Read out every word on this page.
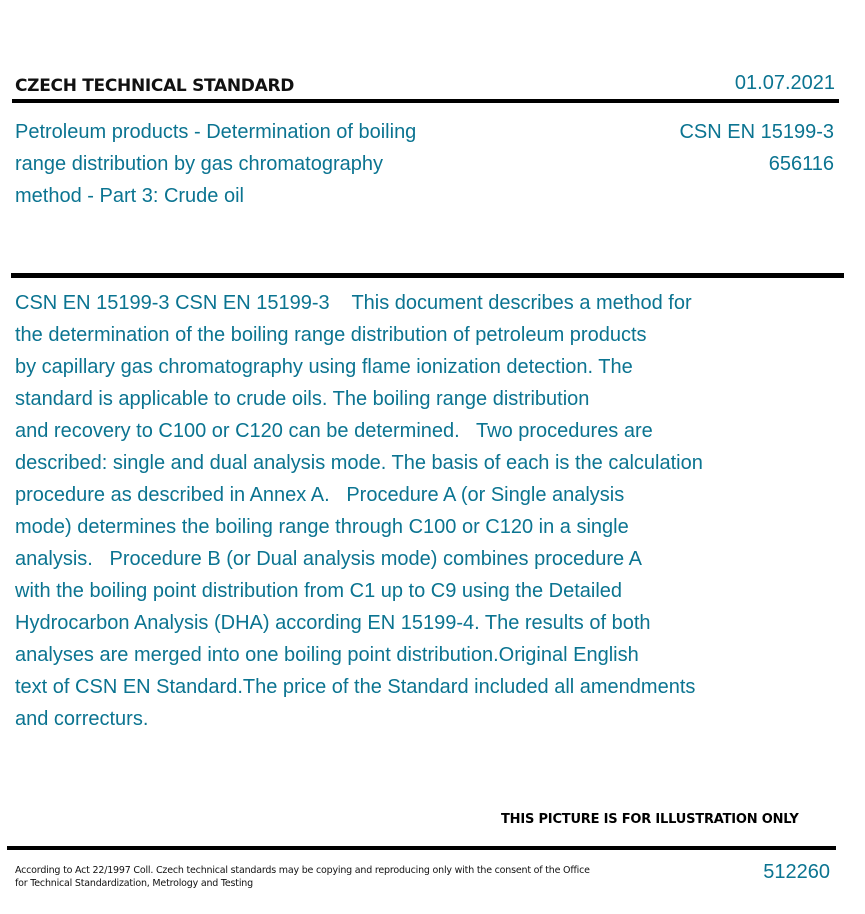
CZECH TECHNICAL STANDARD	01.07.2021
Petroleum products - Determination of boiling
range distribution by gas chromatography
method - Part 3: Crude oil
CSN EN 15199-3
656116
CSN EN 15199-3 CSN EN 15199-3    This document describes a method for
the determination of the boiling range distribution of petroleum products
by capillary gas chromatography using flame ionization detection. The
standard is applicable to crude oils. The boiling range distribution
and recovery to C100 or C120 can be determined.   Two procedures are
described: single and dual analysis mode. The basis of each is the calculation
procedure as described in Annex A.   Procedure A (or Single analysis
mode) determines the boiling range through C100 or C120 in a single
analysis.   Procedure B (or Dual analysis mode) combines procedure A
with the boiling point distribution from C1 up to C9 using the Detailed
Hydrocarbon Analysis (DHA) according EN 15199-4. The results of both
analyses are merged into one boiling point distribution.Original English
text of CSN EN Standard.The price of the Standard included all amendments
and correcturs.
THIS PICTURE IS FOR ILLUSTRATION ONLY
According to Act 22/1997 Coll. Czech technical standards may be copying and reproducing only with the consent of the Office
for Technical Standardization, Metrology and Testing
512260
